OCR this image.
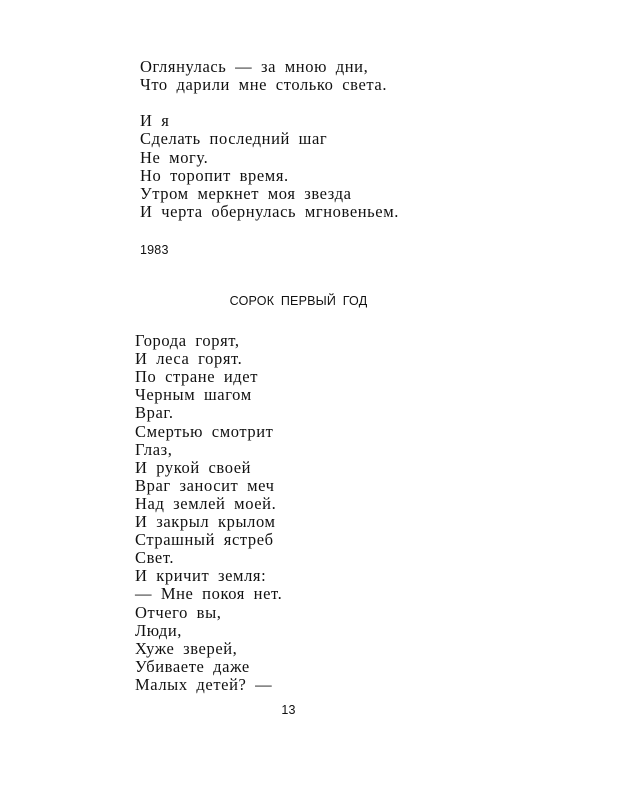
Оглянулась — за мною дни,
Что дарили мне столько света.
И я
Сделать последний шаг
Не могу.
Но торопит время.
Утром меркнет моя звезда
И черта обернулась мгновеньем.
1983
СОРОК ПЕРВЫЙ ГОД
Города горят,
И леса горят.
По стране идет
Черным шагом
Враг.
Смертью смотрит
Глаз,
И рукой своей
Враг заносит меч
Над землей моей.
И закрыл крылом
Страшный ястреб
Свет.
И кричит земля:
— Мне покоя нет.
Отчего вы,
Люди,
Хуже зверей,
Убиваете даже
Малых детей? —
13
